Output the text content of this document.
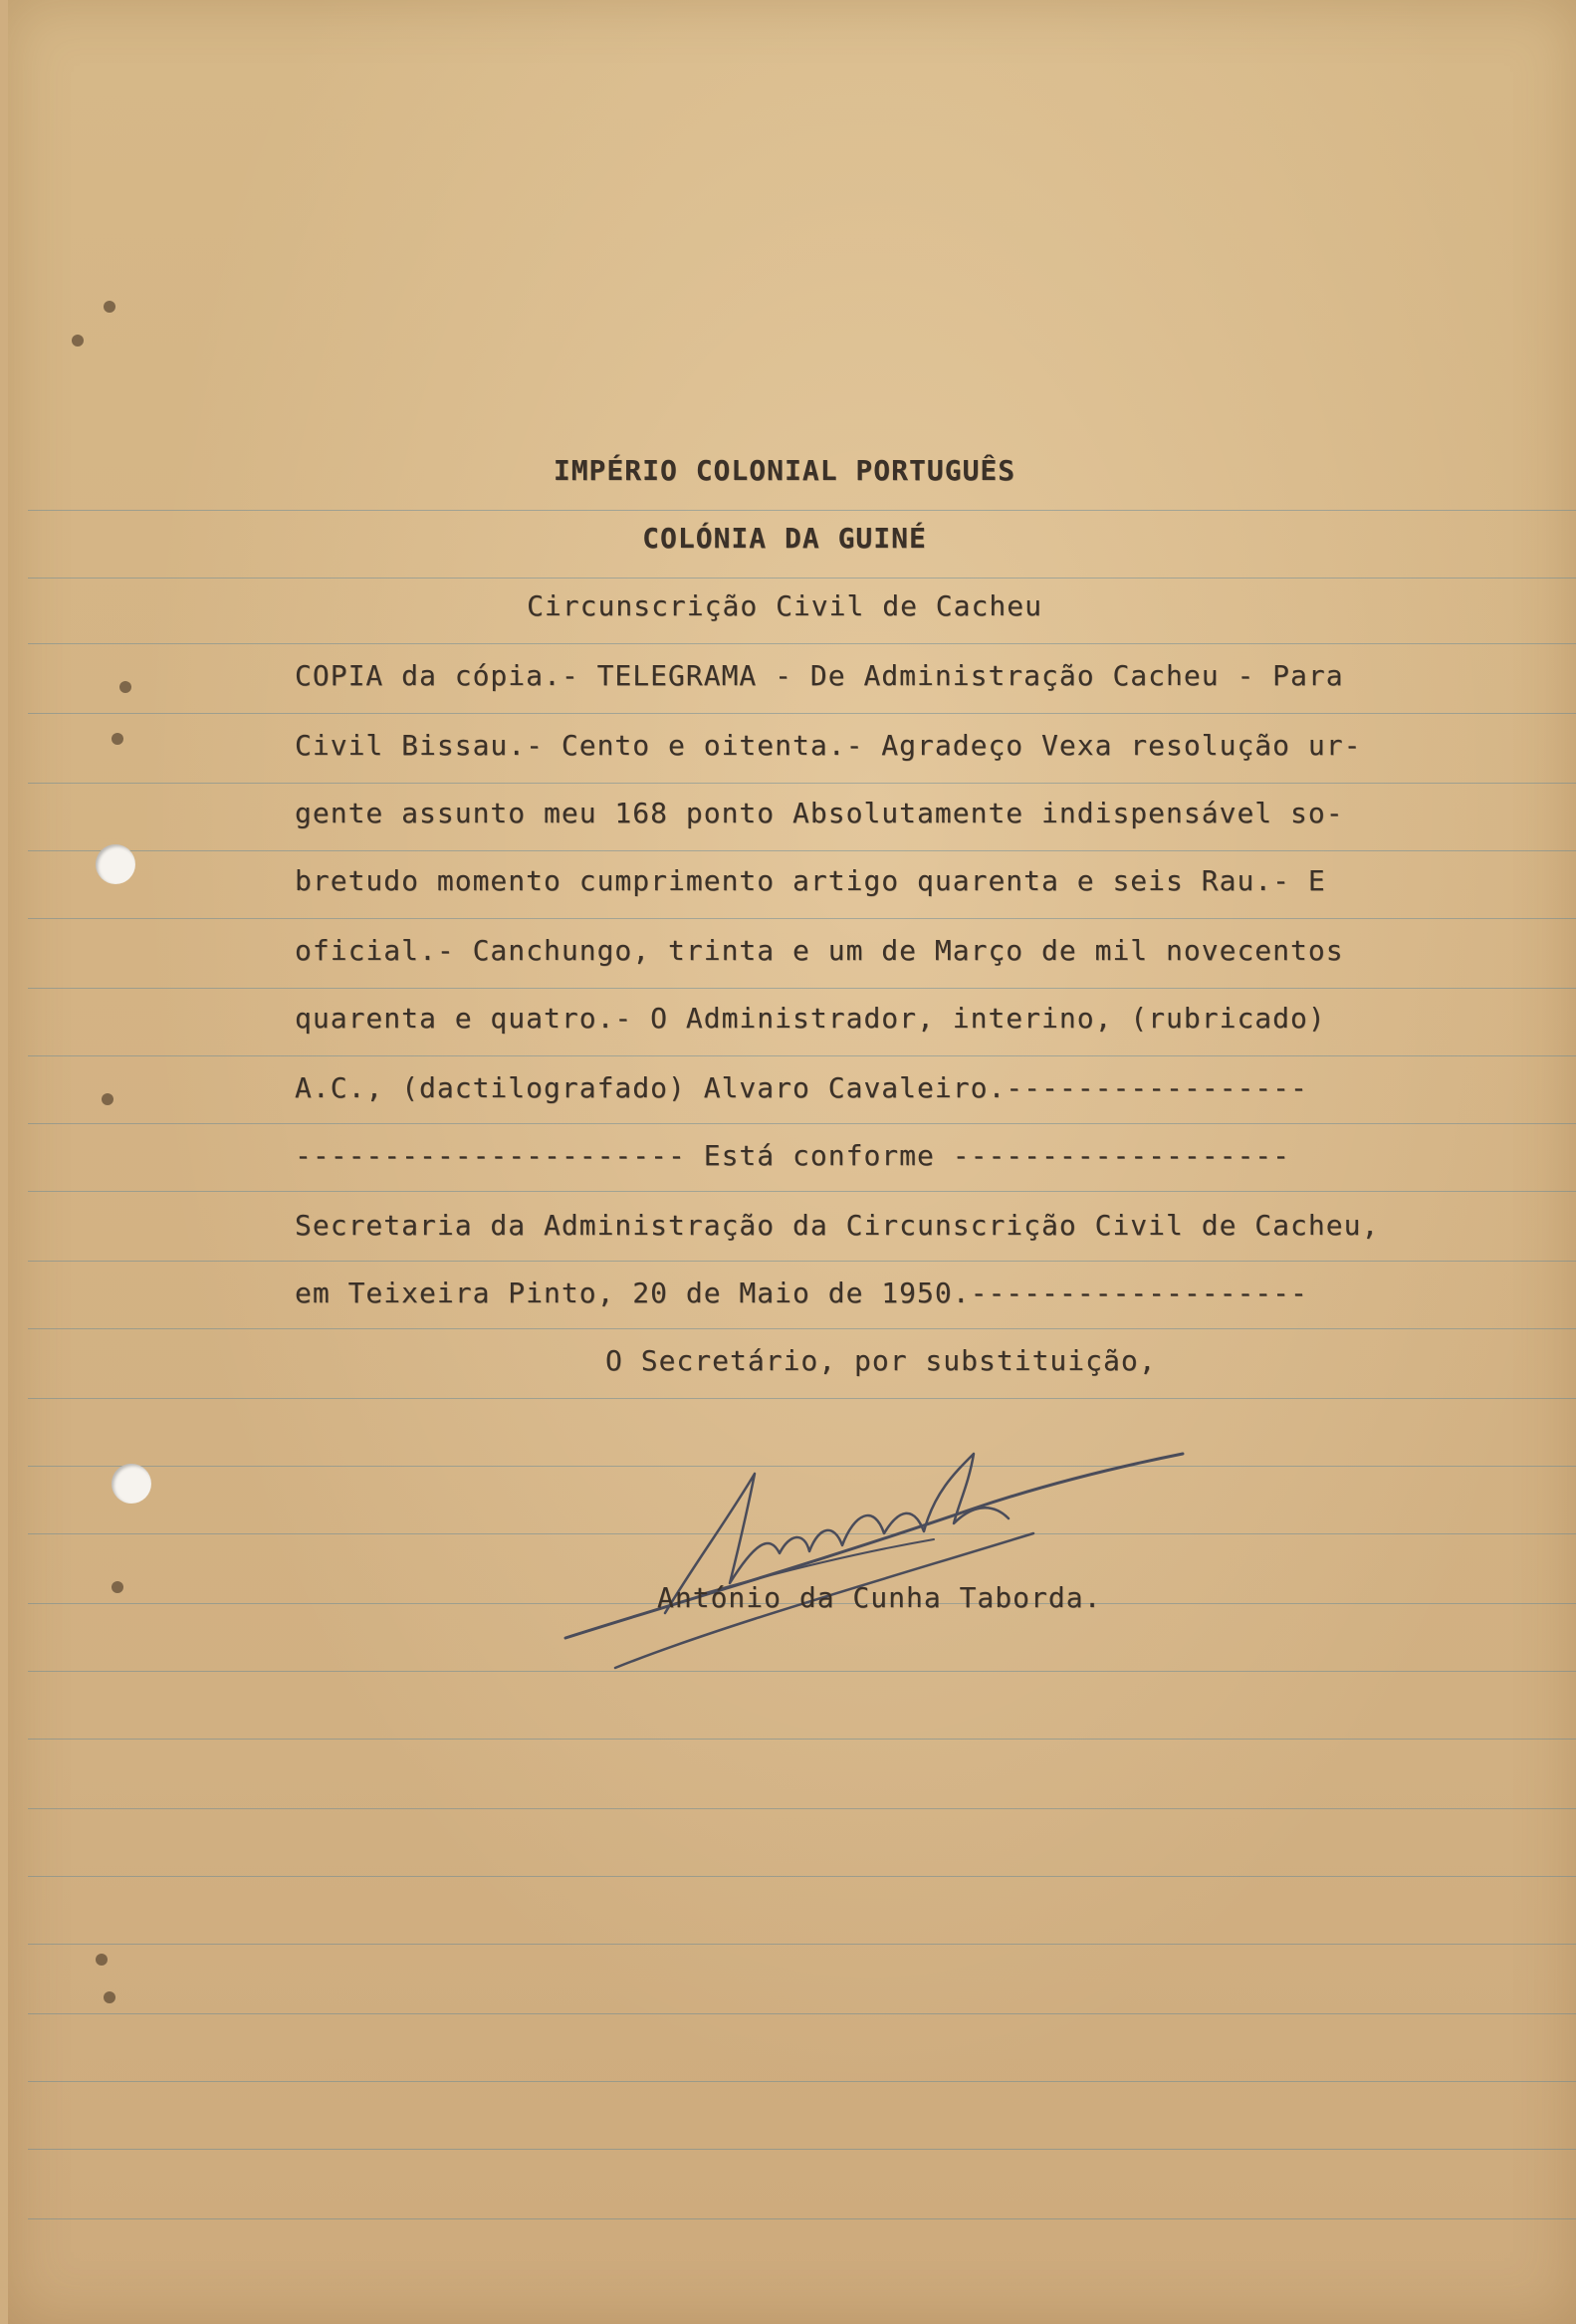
IMPÉRIO COLONIAL PORTUGUÊS
COLÓNIA DA GUINÉ
Circunscrição Civil de Cacheu
COPIA da cópia.- TELEGRAMA - De Administração Cacheu - Para
Civil Bissau.- Cento e oitenta.- Agradeço Vexa resolução ur-
gente assunto meu 168 ponto Absolutamente indispensável so-
bretudo momento cumprimento artigo quarenta e seis Rau.- E
oficial.- Canchungo, trinta e um de Março de mil novecentos
quarenta e quatro.- O Administrador, interino, (rubricado)
A.C., (dactilografado) Alvaro Cavaleiro.-----------------
---------------------- Está conforme -------------------
Secretaria da Administração da Circunscrição Civil de Cacheu,
em Teixeira Pinto, 20 de Maio de 1950.-------------------
O Secretário, por substituição,
António da Cunha Taborda.
